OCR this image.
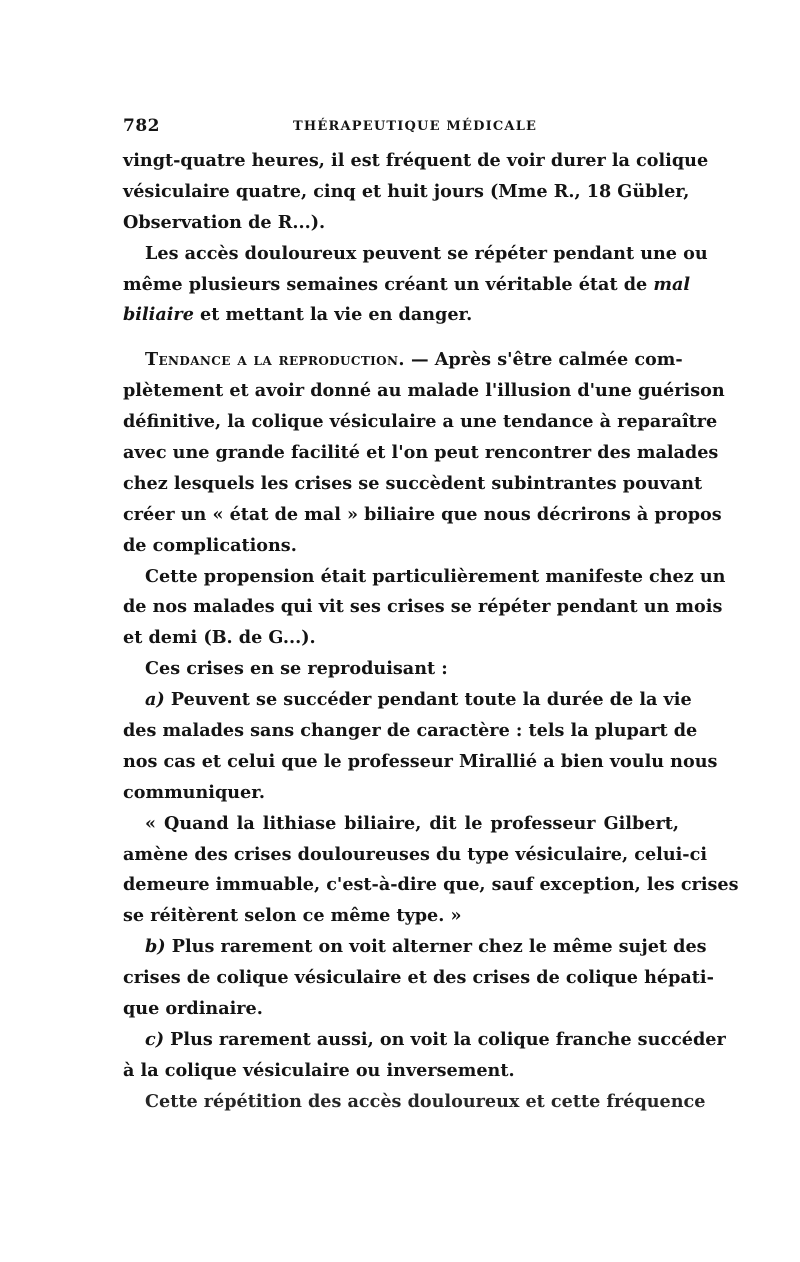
782	THÉRAPEUTIQUE MÉDICALE
vingt-quatre heures, il est fréquent de voir durer la colique
vésiculaire quatre, cinq et huit jours (Mme R., 18 Gübler,
Observation de R...).
Les accès douloureux peuvent se répéter pendant une ou
même plusieurs semaines créant un véritable état de mal
biliaire et mettant la vie en danger.
Tendance a la reproduction. — Après s'être calmée com-
plètement et avoir donné au malade l'illusion d'une guérison
définitive, la colique vésiculaire a une tendance à reparaître
avec une grande facilité et l'on peut rencontrer des malades
chez lesquels les crises se succèdent subintrantes pouvant
créer un « état de mal » biliaire que nous décrirons à propos
de complications.
Cette propension était particulièrement manifeste chez un
de nos malades qui vit ses crises se répéter pendant un mois
et demi (B. de G...).
Ces crises en se reproduisant :
a) Peuvent se succéder pendant toute la durée de la vie
des malades sans changer de caractère : tels la plupart de
nos cas et celui que le professeur Mirallié a bien voulu nous
communiquer.
« Quand la lithiase biliaire, dit le professeur Gilbert,
amène des crises douloureuses du type vésiculaire, celui-ci
demeure immuable, c'est-à-dire que, sauf exception, les crises
se réitèrent selon ce même type. »
b) Plus rarement on voit alterner chez le même sujet des
crises de colique vésiculaire et des crises de colique hépati-
que ordinaire.
c) Plus rarement aussi, on voit la colique franche succéder
à la colique vésiculaire ou inversement.
Cette répétition des accès douloureux et cette fréquence
